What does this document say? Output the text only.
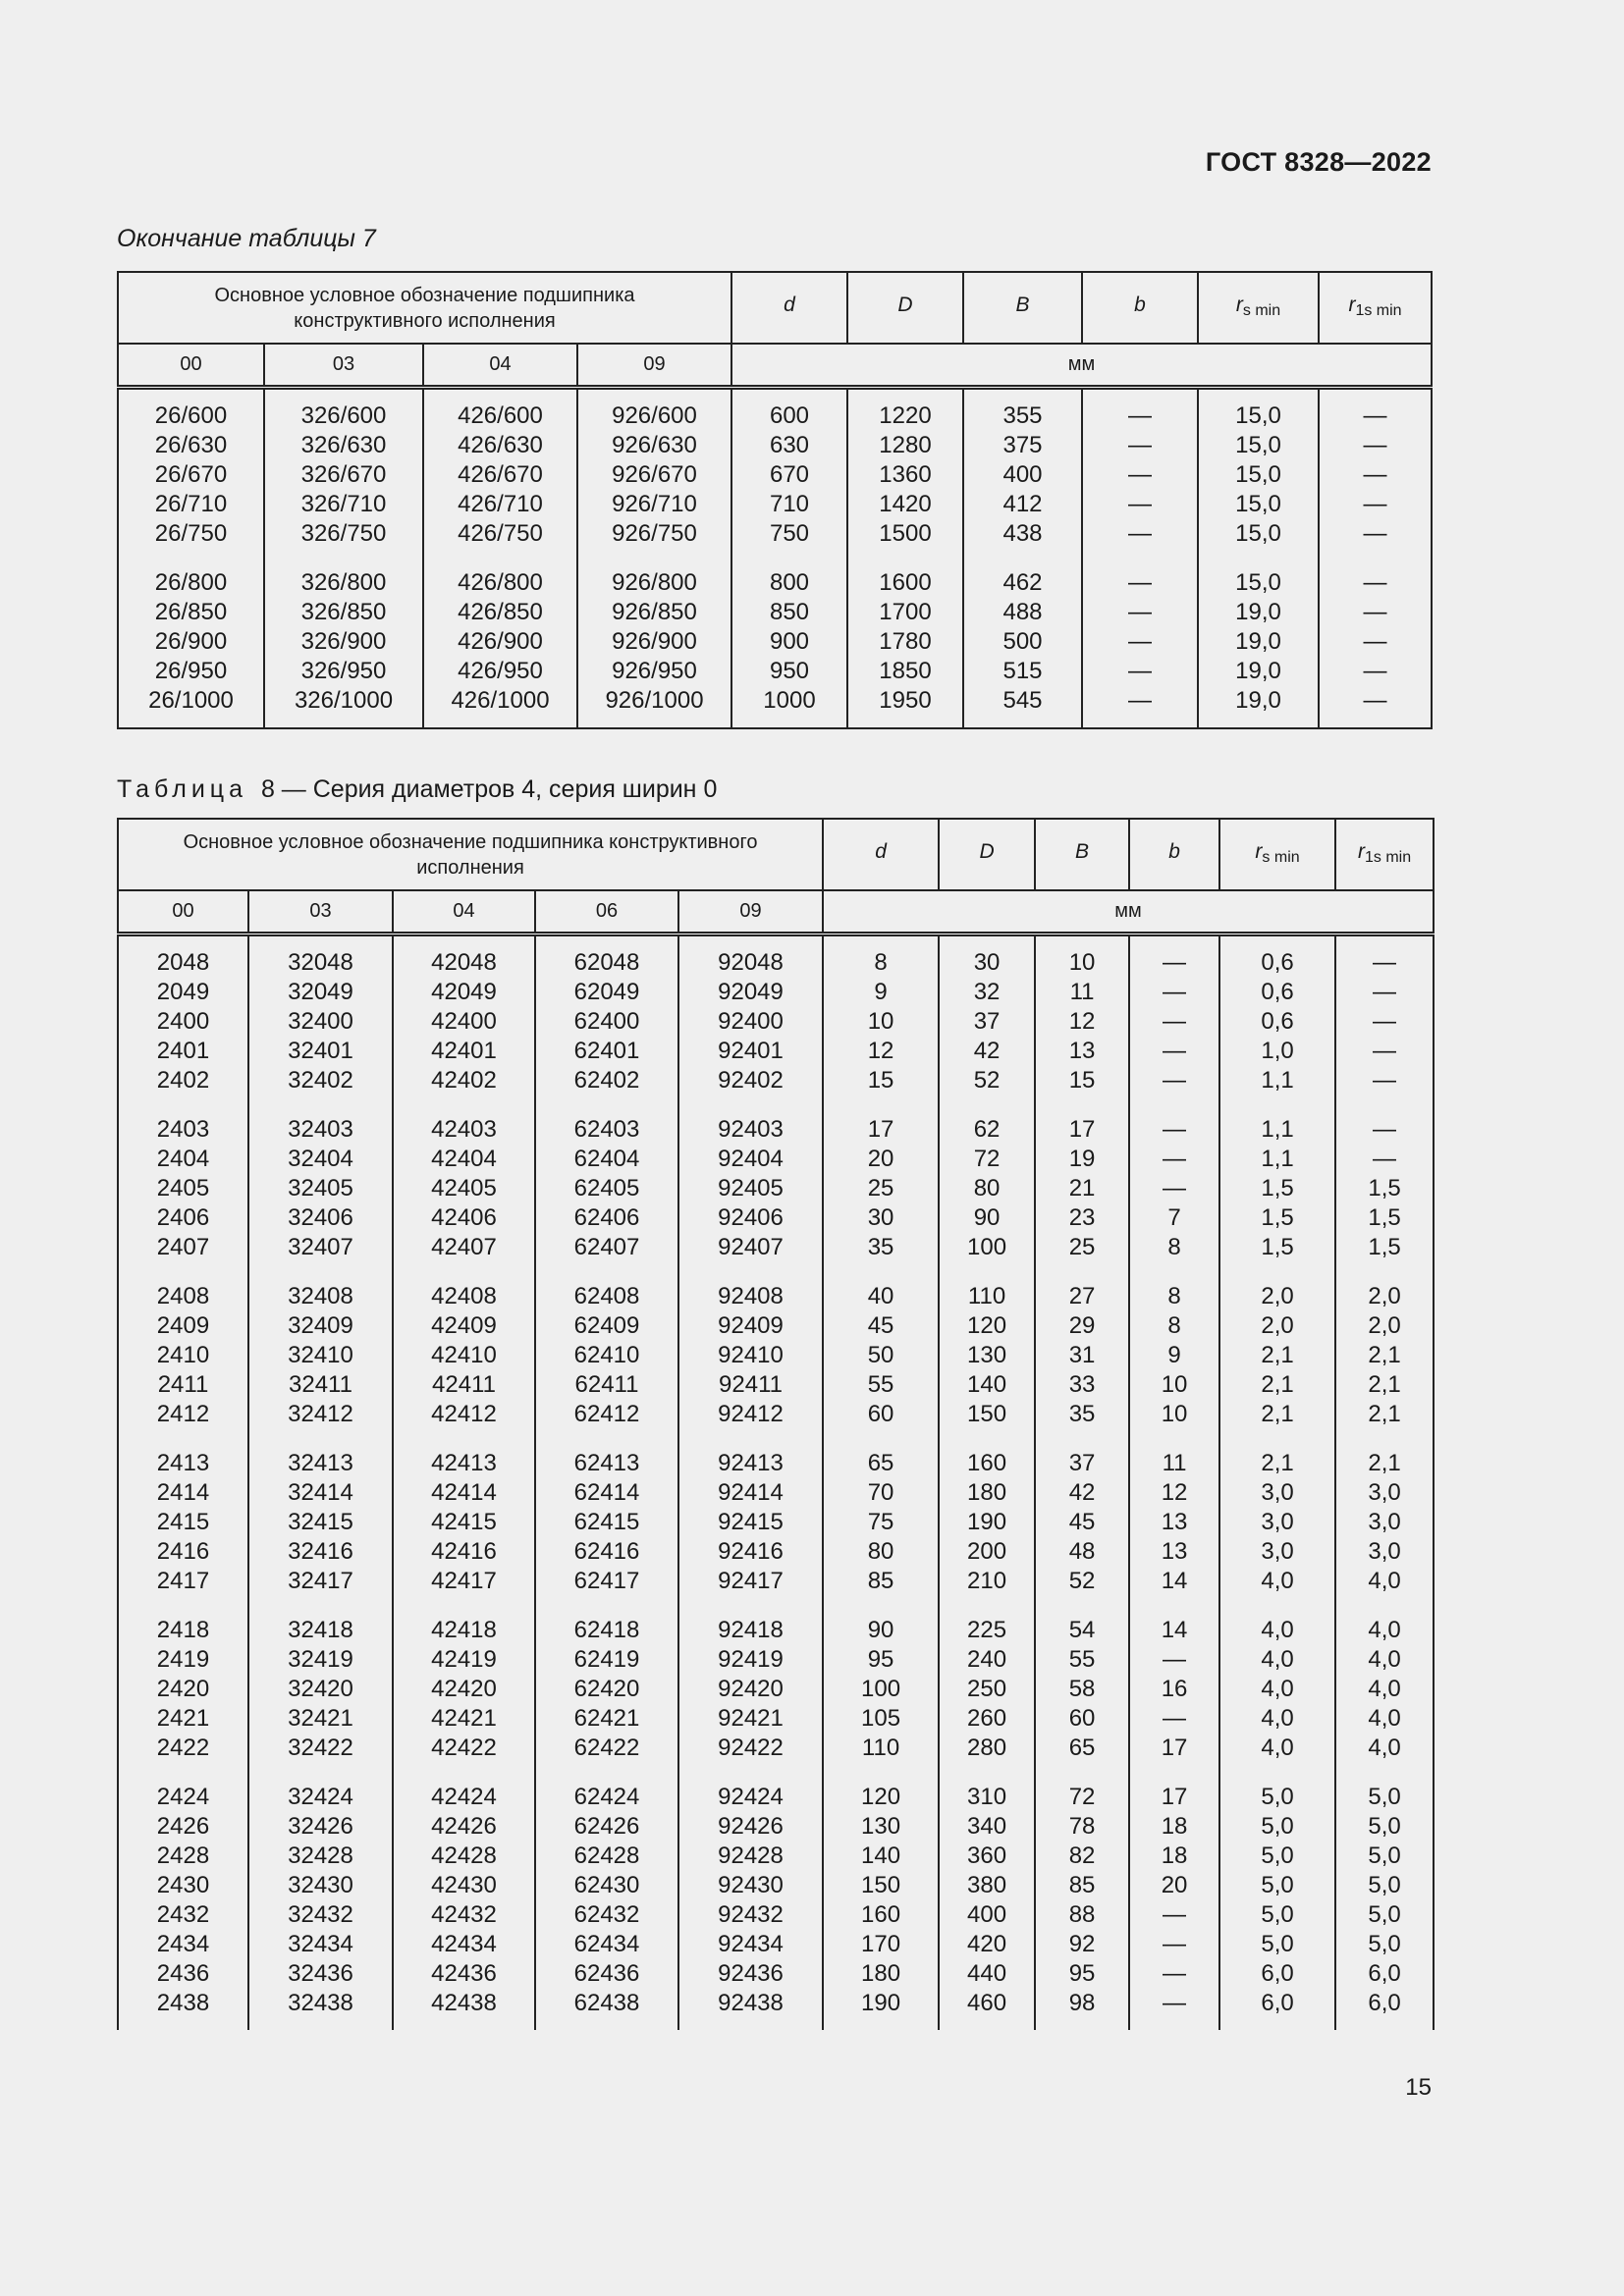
ГОСТ 8328—2022
Окончание таблицы 7
Основное условное обозначение подшипника конструктивного исполнения				d	D	B	b	$r_{s min}$	$r_{1s min}$
00	03	04	09	мм					
26/600	326/600	426/600	926/600	600	1220	355	—	15,0	—
26/630	326/630	426/630	926/630	630	1280	375	—	15,0	—
26/670	326/670	426/670	926/670	670	1360	400	—	15,0	—
26/710	326/710	426/710	926/710	710	1420	412	—	15,0	—
26/750	326/750	426/750	926/750	750	1500	438	—	15,0	—
26/800	326/800	426/800	926/800	800	1600	462	—	15,0	—
26/850	326/850	426/850	926/850	850	1700	488	—	19,0	—
26/900	326/900	426/900	926/900	900	1780	500	—	19,0	—
26/950	326/950	426/950	926/950	950	1850	515	—	19,0	—
26/1000	326/1000	426/1000	926/1000	1000	1950	545	—	19,0	—
Таблица 8 — Серия диаметров 4, серия ширин 0
Основное условное обозначение подшипника конструктивного исполнения					d	D	B	b	$r_{s min}$	$r_{1s min}$
00	03	04	06	09	мм					
2048	32048	42048	62048	92048	8	30	10	—	0,6	—
2049	32049	42049	62049	92049	9	32	11	—	0,6	—
2400	32400	42400	62400	92400	10	37	12	—	0,6	—
2401	32401	42401	62401	92401	12	42	13	—	1,0	—
2402	32402	42402	62402	92402	15	52	15	—	1,1	—
2403	32403	42403	62403	92403	17	62	17	—	1,1	—
2404	32404	42404	62404	92404	20	72	19	—	1,1	—
2405	32405	42405	62405	92405	25	80	21	—	1,5	1,5
2406	32406	42406	62406	92406	30	90	23	7	1,5	1,5
2407	32407	42407	62407	92407	35	100	25	8	1,5	1,5
2408	32408	42408	62408	92408	40	110	27	8	2,0	2,0
2409	32409	42409	62409	92409	45	120	29	8	2,0	2,0
2410	32410	42410	62410	92410	50	130	31	9	2,1	2,1
2411	32411	42411	62411	92411	55	140	33	10	2,1	2,1
2412	32412	42412	62412	92412	60	150	35	10	2,1	2,1
2413	32413	42413	62413	92413	65	160	37	11	2,1	2,1
2414	32414	42414	62414	92414	70	180	42	12	3,0	3,0
2415	32415	42415	62415	92415	75	190	45	13	3,0	3,0
2416	32416	42416	62416	92416	80	200	48	13	3,0	3,0
2417	32417	42417	62417	92417	85	210	52	14	4,0	4,0
2418	32418	42418	62418	92418	90	225	54	14	4,0	4,0
2419	32419	42419	62419	92419	95	240	55	—	4,0	4,0
2420	32420	42420	62420	92420	100	250	58	16	4,0	4,0
2421	32421	42421	62421	92421	105	260	60	—	4,0	4,0
2422	32422	42422	62422	92422	110	280	65	17	4,0	4,0
2424	32424	42424	62424	92424	120	310	72	17	5,0	5,0
2426	32426	42426	62426	92426	130	340	78	18	5,0	5,0
2428	32428	42428	62428	92428	140	360	82	18	5,0	5,0
2430	32430	42430	62430	92430	150	380	85	20	5,0	5,0
2432	32432	42432	62432	92432	160	400	88	—	5,0	5,0
2434	32434	42434	62434	92434	170	420	92	—	5,0	5,0
2436	32436	42436	62436	92436	180	440	95	—	6,0	6,0
2438	32438	42438	62438	92438	190	460	98	—	6,0	6,0
15
